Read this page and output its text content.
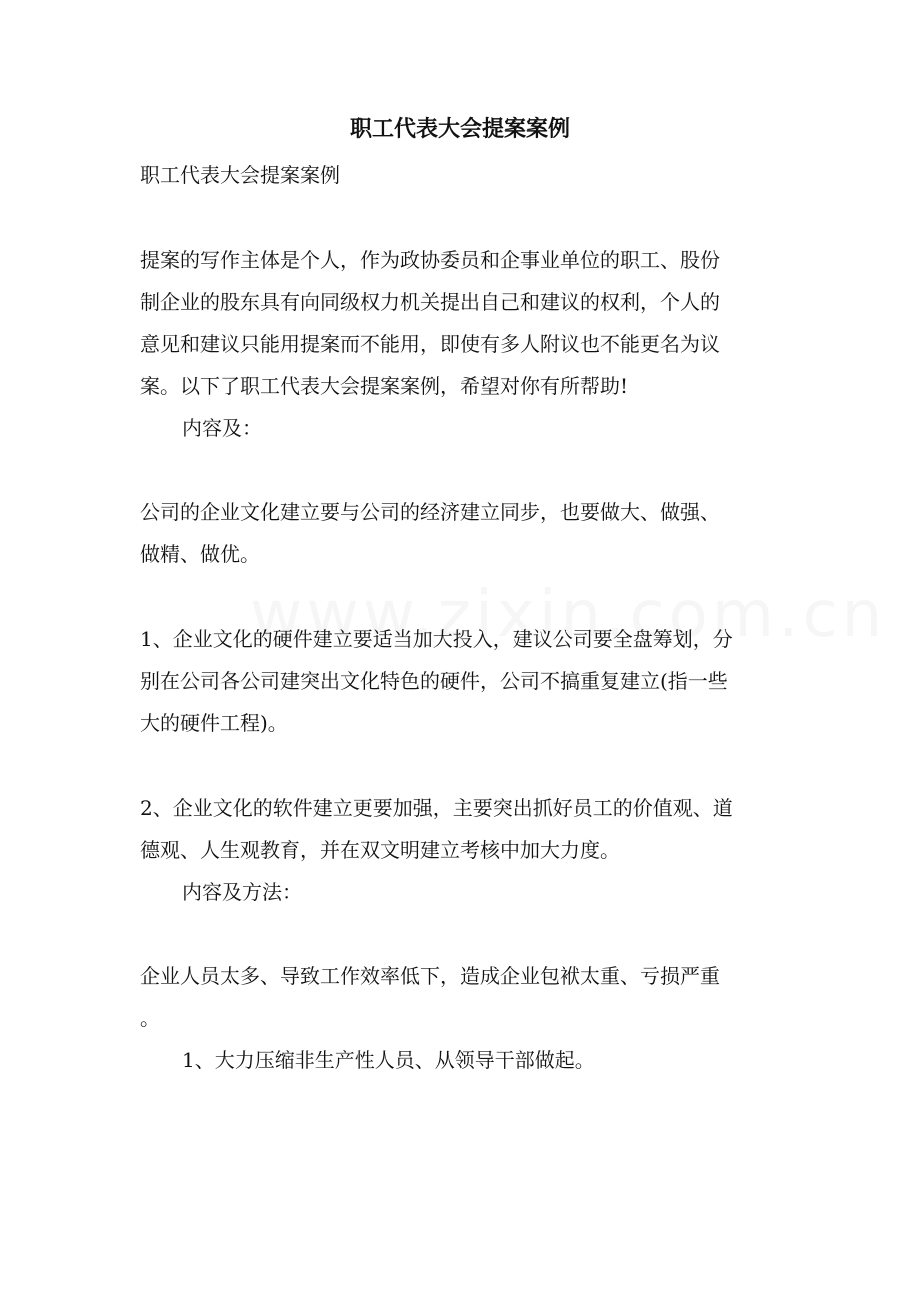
职工代表大会提案案例
职工代表大会提案案例
提案的写作主体是个人，作为政协委员和企事业单位的职工、股份
制企业的股东具有向同级权力机关提出自己和建议的权利，个人的
意见和建议只能用提案而不能用，即使有多人附议也不能更名为议
案。以下了职工代表大会提案案例，希望对你有所帮助!
内容及：
公司的企业文化建立要与公司的经济建立同步，也要做大、做强、
做精、做优。
1、企业文化的硬件建立要适当加大投入，建议公司要全盘筹划，分
别在公司各公司建突出文化特色的硬件，公司不搞重复建立(指一些
大的硬件工程)。
2、企业文化的软件建立更要加强，主要突出抓好员工的价值观、道
德观、人生观教育，并在双文明建立考核中加大力度。
内容及方法：
企业人员太多、导致工作效率低下，造成企业包袱太重、亏损严重
。
1、大力压缩非生产性人员、从领导干部做起。
